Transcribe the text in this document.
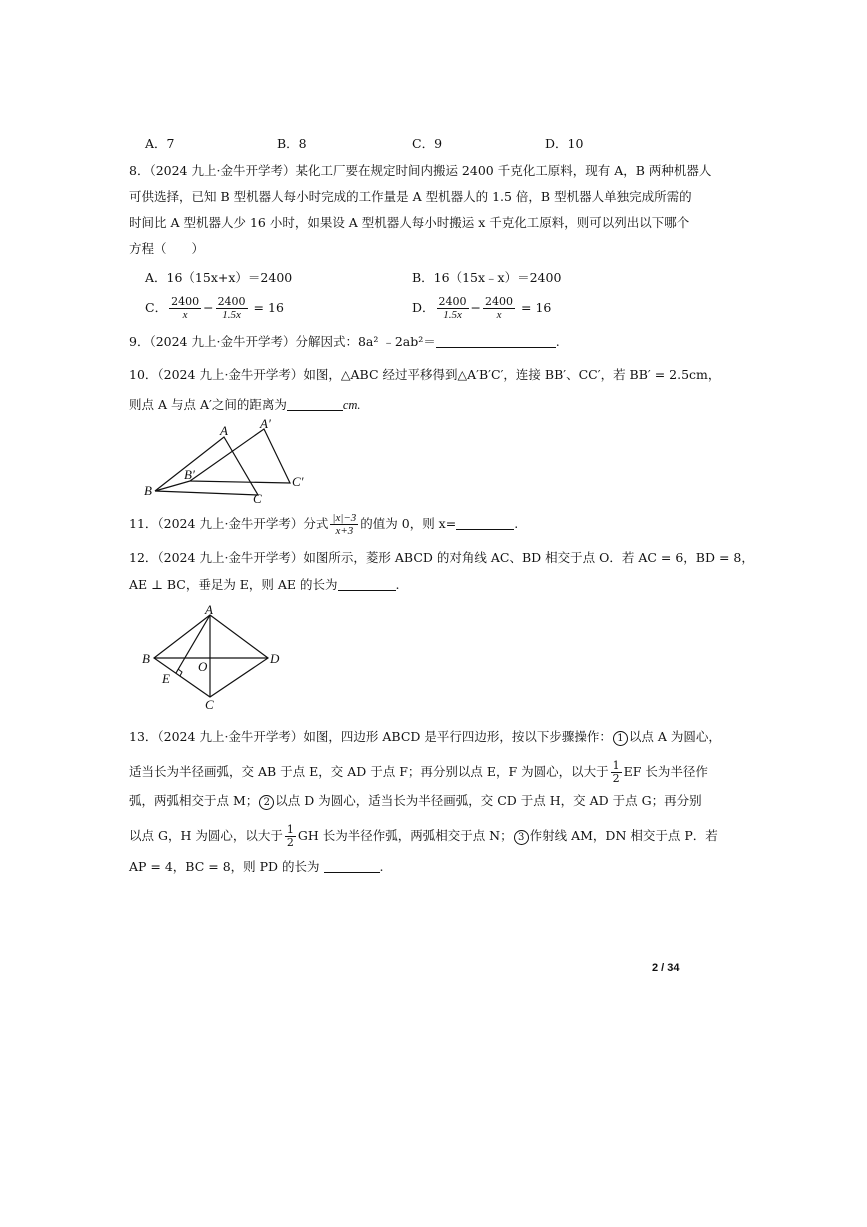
A．7	B．8	C．9	D．10
8．（2024 九上·金牛开学考）某化工厂要在规定时间内搬运 2400 千克化工原料，现有 A，B 两种机器人
可供选择，已知 B 型机器人每小时完成的工作量是 A 型机器人的 1.5 倍，B 型机器人单独完成所需的
时间比 A 型机器人少 16 小时，如果设 A 型机器人每小时搬运 x 千克化工原料，则可以列出以下哪个
方程（　　）
A．16（15x+x）＝2400	B．16（15x﹣x）＝2400
C． $\frac{2400}{x} - \frac{2400}{1.5x} = 16$	D． $\frac{2400}{1.5x} - \frac{2400}{x} = 16$
9．（2024 九上·金牛开学考）分解因式：8a² ﹣2ab²＝	.
10．（2024 九上·金牛开学考）如图，△ABC 经过平移得到△A′B′C′，连接 BB′、CC′，若 BB′ = 2.5cm，
则点 A 与点 A′之间的距离为	cm.
A A′
B
B′
C
C′
11．（2024 九上·金牛开学考）分式 $\frac{|x|-3}{x+3}$ 的值为 0，则 x=	.
12．（2024 九上·金牛开学考）如图所示，菱形 ABCD 的对角线 AC、BD 相交于点 O．若 AC = 6，BD = 8，
AE ⊥ BC，垂足为 E，则 AE 的长为	.
A
B
C
D
E
O
13．（2024 九上·金牛开学考）如图，四边形 ABCD 是平行四边形，按以下步骤操作： 1 以点 A 为圆心，
适当长为半径画弧，交 AB 于点 E，交 AD 于点 F；再分别以点 E，F 为圆心，以大于 $\frac{1}{2}$ EF 长为半径作
弧，两弧相交于点 M； 2 以点 D 为圆心，适当长为半径画弧，交 CD 于点 H，交 AD 于点 G；再分别
以点 G，H 为圆心，以大于 $\frac{1}{2}$ GH 长为半径作弧，两弧相交于点 N； 3 作射线 AM，DN 相交于点 P．若
AP = 4，BC = 8，则 PD 的长为	.
2 / 34
